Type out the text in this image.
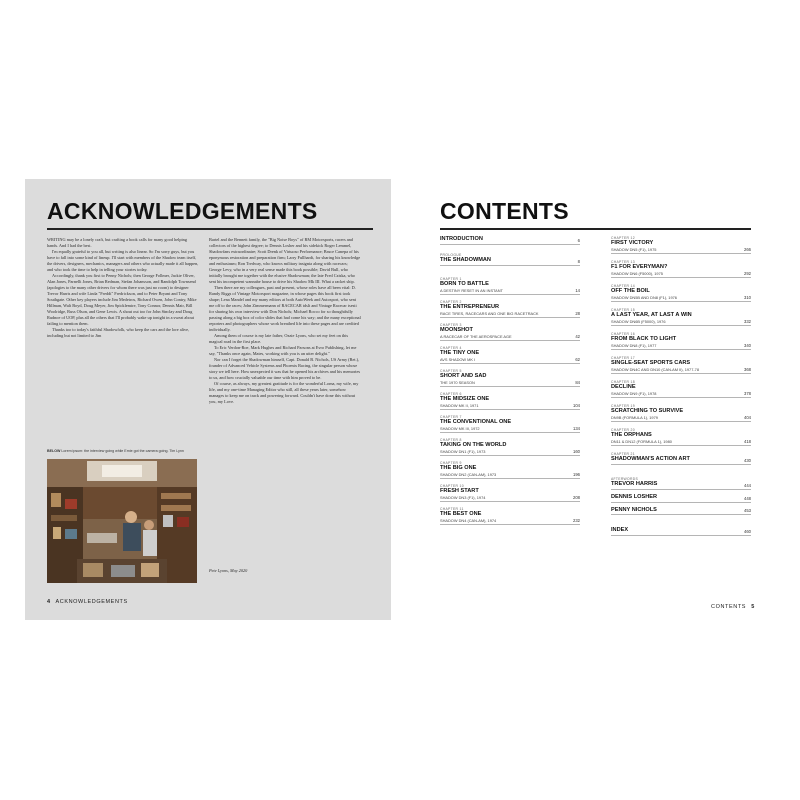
ACKNOWLEDGEMENTS

WRITING may be a lonely craft, but crafting a book calls for many good helping hands. And I had the best.

I'm equally grateful to you all, but writing is also linear. So I'm sorry guys, but you have to fall into some kind of lineup. I'll start with members of the Shadow team itself, the drivers, designers, mechanics, managers and others who actually made it all happen, and who took the time to help in telling your stories today.

Accordingly, thank you first to Penny Nichols; then George Follmer, Jackie Oliver, Alan Jones, Parnelli Jones, Brian Redman, Stefan Johansson, and Randolph Townsend (apologies to the many other drivers for whom there was just no room) to designer Trevor Harris and wife Linda "Freddi" Fredrickson, and to Peter Bryant and Tony Southgate. Other key players include Jim Medeiros, Richard Owen, John Contry, Mike Hillman, Walt Boyd, Doug Meyer, Jim Spicklemire, Tony Connor, Dennis Mair, Bill Woolridge, Russ Olson, and Gene Lewis. A shout out too for John Sinclay and Doug Rudnoe of UOP, plus all the others that I'll probably wake up tonight in a sweat about failing to mention them.

Thanks too to today's faithful Shadowfolk, who keep the cars and the lore alive, including but not limited to Jim

BELOW Lorem ipsum: the interview going while Ernie got the camera going. Tim Lynn

Bartel and the Bennett family, the "Big Noise Boys" of RM Motorsports, racers and collectors of the highest degree; to Dennis Losher and his sidekick Roger Lemmel, Shadowfans extraordinaire; Scott Drenk of Virtuoso Performance; Bruce Canepa of his eponymous restoration and preparation firm; Larry Fullhardt, for sharing his knowledge and enthusiasm; Ron Tredway, who knows military insignia along with racecars; George Levy, who in a very real sense made this book possible; David Bull, who initially brought me together with the elusive Shadowman; the late Fred Cziska, who sent his incompetent wannabe house to drive his Shadow Mk III. What a racket ship.

Then there are my colleagues, past and present, whose roles have all been vital: D. Randy Riggs of Vintage Motorsport magazine, in whose pages this book first took shape; Lena Mandel and my many editors at both AutoWeek and Autosport, who sent me off to the races; John Zimmermann of RACECAR tdslt and Vintage Racecar tsesti for sharing his own interview with Don Nichols; Michael Rocco for so thoughtfully passing along a big box of color slides that had come his way; and the many exceptional reporters and photographers whose work breathed life into these pages and are credited individually.

Among them of course is my late father, Ozzie Lyons, who set my feet on this magical road in the first place.

To Eric Verdon-Roe, Mark Hughes and Richard Parsons at Evro Publishing, let me say, "Thanks once again, Mates, working with you is an utter delight."

Nor can I forget the Shadowman himself, Capt. Donald B. Nichols, US Army (Ret.), founder of Advanced Vehicle Systems and Phoenix Racing, the singular person whose story we tell here. How unexpected it was that he opened his archives and his memories to us, and how crucially valuable our time with him proved to be.

Of course, as always, my greatest gratitude is for the wonderful Lorna, my wife, my life, and my one-time Managing Editor who still, all these years later, somehow manages to keep me on track and powering forward. Couldn't have done this without you, my Love.

Pete Lyons, May 2020
4 ACKNOWLEDGEMENTS
CONTENTS
INTRODUCTION	6
PROLOGUE
THE SHADOWMAN	8
CHAPTER 1
BORN TO BATTLE
A DESTINY RESET IN AN INSTANT	14
CHAPTER 2
THE ENTREPRENEUR
RACE TIRES, RACECARS AND ONE BIG RACETRACK	28
CHAPTER 3
MOONSHOT
A RACECAR OF THE AEROSPACE AGE	42
CHAPTER 4
THE TINY ONE
AVS SHADOW MK I	62
CHAPTER 5
SHORT AND SAD
THE 1970 SEASON	84
CHAPTER 6
THE MIDSIZE ONE
SHADOW MK II, 1971	104
CHAPTER 7
THE CONVENTIONAL ONE
SHADOW MK III, 1972	134
CHAPTER 8
TAKING ON THE WORLD
SHADOW DN1 (F1), 1973	160
CHAPTER 9
THE BIG ONE
SHADOW DN2 (CAN-AM), 1973	196
CHAPTER 10
FRESH START
SHADOW DN3 (F1), 1974	208
CHAPTER 11
THE BEST ONE
SHADOW DN4 (CAN-AM), 1974	232
CHAPTER 12
FIRST VICTORY
SHADOW DN5 (F1), 1975	266
CHAPTER 13
F1 FOR EVERYMAN?
SHADOW DN6 (F5000), 1975	292
CHAPTER 14
OFF THE BOIL
SHADOW DN5B AND DN8 (F1), 1976	310
CHAPTER 15
A LAST YEAR, AT LAST A WIN
SHADOW DN6B (F5000), 1976	332
CHAPTER 16
FROM BLACK TO LIGHT
SHADOW DN8 (F1), 1977	340
CHAPTER 17
SINGLE-SEAT SPORTS CARS
SHADOW DN4C AND DN10 (CAN-AM II), 1977-78	368
CHAPTER 18
DECLINE
SHADOW DN9 (F1), 1978	378
CHAPTER 19
SCRATCHING TO SURVIVE
DN9B (FORMULA 1), 1979	404
CHAPTER 20
THE ORPHANS
DN11 & DN12 (FORMULA 1), 1980	418
CHAPTER 21
SHADOWMAN'S ACTION ART	430
AFTERWORDS
TREVOR HARRIS	444
DENNIS LOSHER	448
PENNY NICHOLS	453
INDEX	460
CONTENTS 5
